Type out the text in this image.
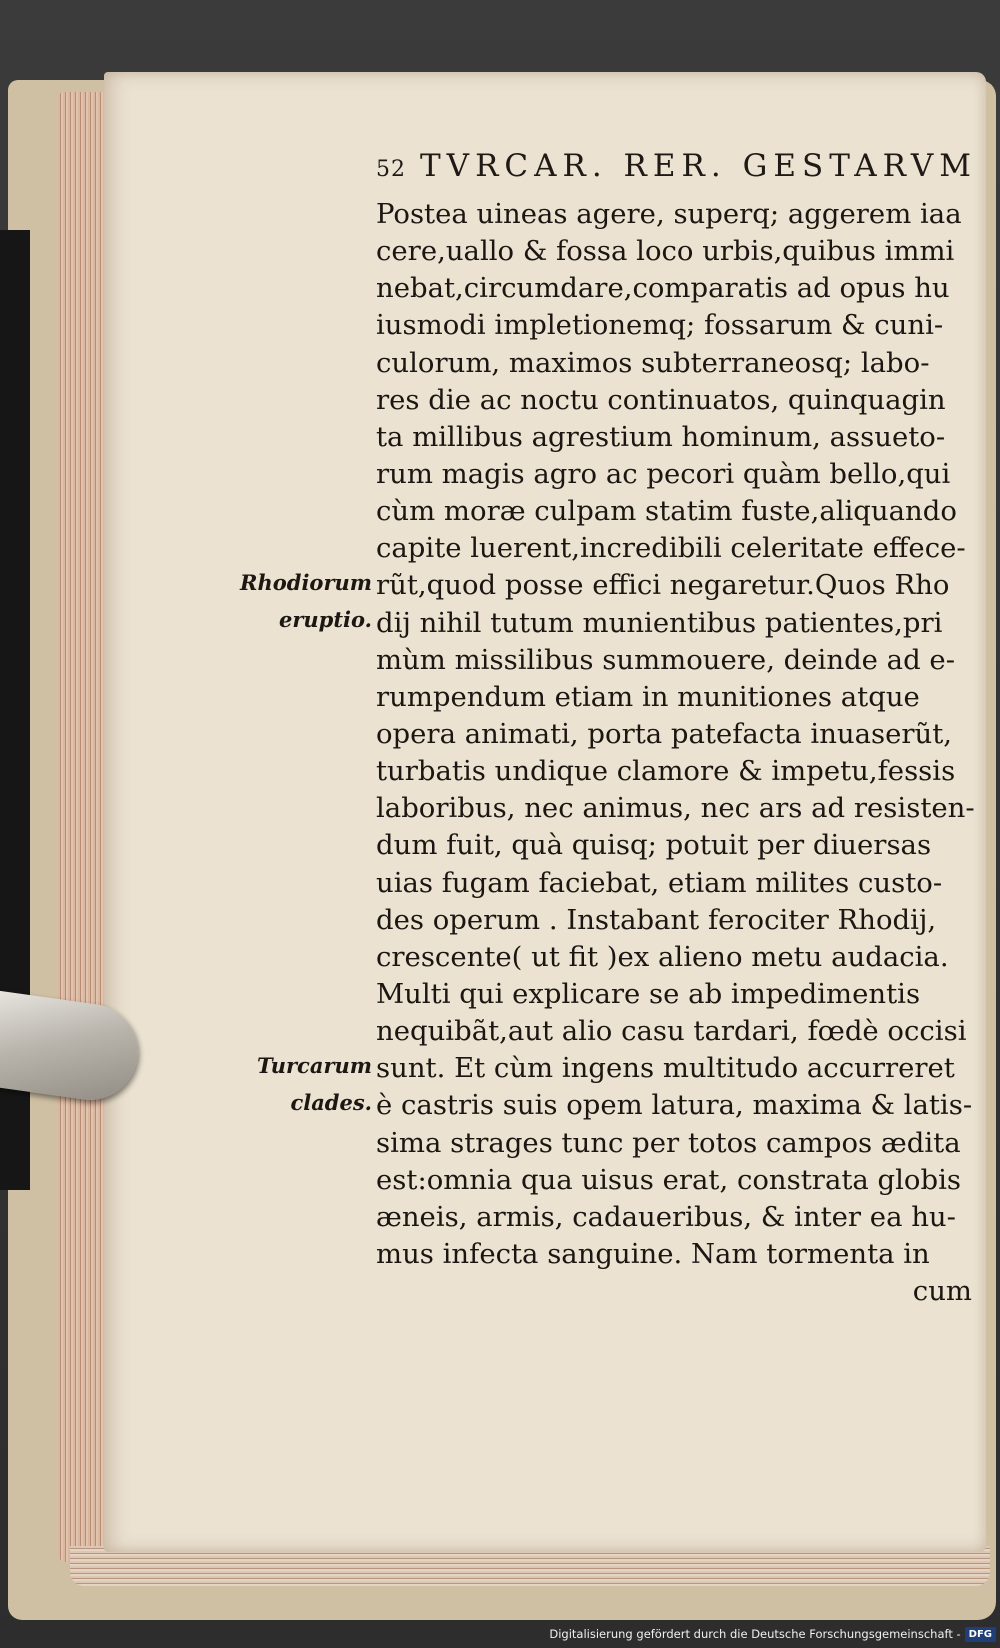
52 TVRCAR. RER. GESTARVM
Postea uineas agere, superq; aggerem iaa
cere,uallo & fossa loco urbis,quibus immi
nebat,circumdare,comparatis ad opus hu
iusmodi impletionemq; fossarum & cuni-
culorum, maximos subterraneosq; labo-
res die ac noctu continuatos, quinquagin
ta millibus agrestium hominum, assueto-
rum magis agro ac pecori quàm bello,qui
cùm moræ culpam statim fuste,aliquando
capite luerent,incredibili celeritate effece-
rũt,quod posse effici negaretur.Quos Rho
dij nihil tutum munientibus patientes,pri
mùm missilibus summouere, deinde ad e-
rumpendum etiam in munitiones atque
opera animati, porta patefacta inuaserũt,
turbatis undique clamore & impetu,fessis
laboribus, nec animus, nec ars ad resisten-
dum fuit, quà quisq; potuit per diuersas
uias fugam faciebat, etiam milites custo-
des operum . Instabant ferociter Rhodij,
crescente( ut fit )ex alieno metu audacia.
Multi qui explicare se ab impedimentis
nequibãt,aut alio casu tardari, fœdè occisi
sunt. Et cùm ingens multitudo accurreret
è castris suis opem latura, maxima & latis-
sima strages tunc per totos campos ædita
est:omnia qua uisus erat, constrata globis
æneis, armis, cadaueribus, & inter ea hu-
mus infecta sanguine. Nam tormenta in
cum
Rhodiorum
eruptio.
Turcarum
clades.
Digitalisierung gefördert durch die Deutsche Forschungsgemeinschaft - DFG
